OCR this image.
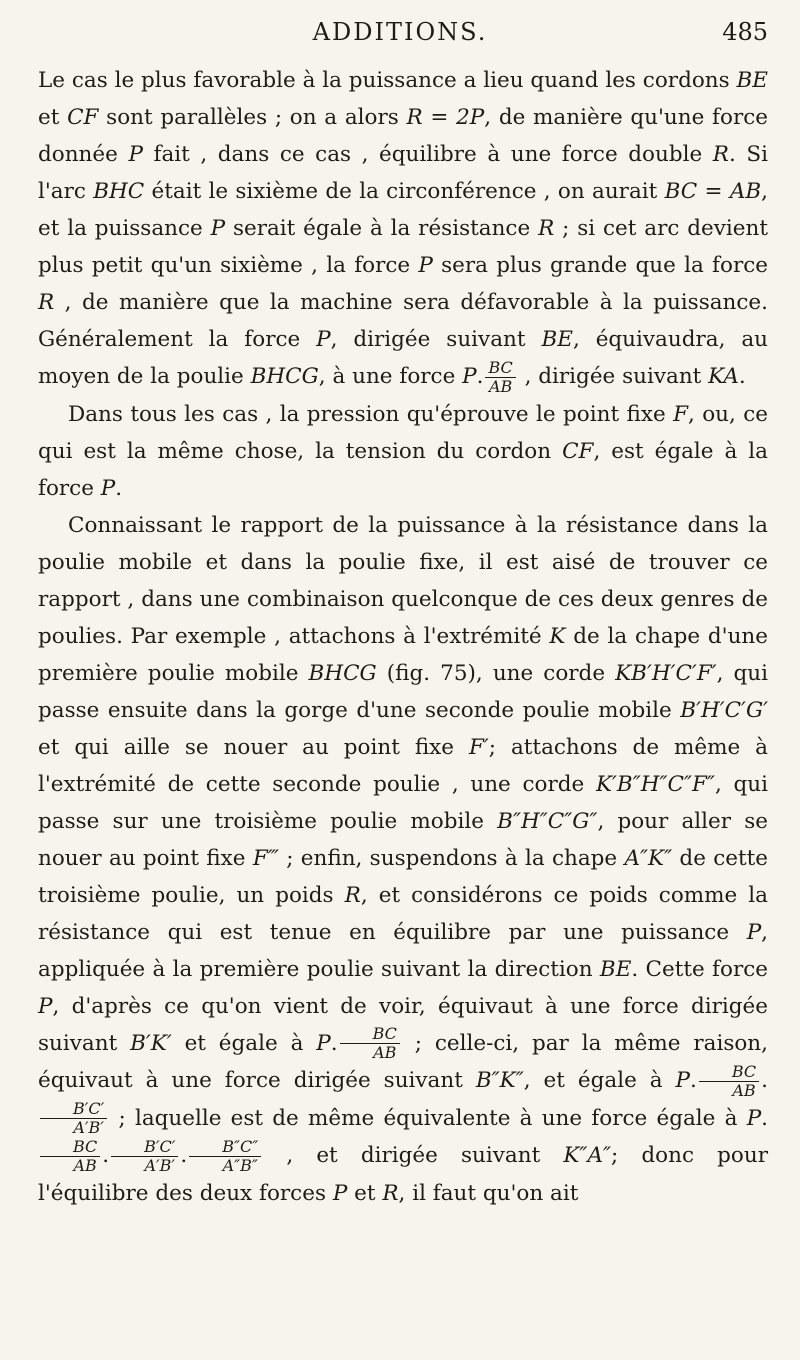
ADDITIONS.	485

Le cas le plus favorable à la puissance a lieu quand les cordons BE et CF sont parallèles ; on a alors R = 2P, de manière qu'une force donnée P fait , dans ce cas , équilibre à une force double R. Si l'arc BHC était le sixième de la circonférence , on aurait BC = AB, et la puissance P serait égale à la résistance R ; si cet arc devient plus petit qu'un sixième , la force P sera plus grande que la force R , de manière que la machine sera défavorable à la puissance. Généralement la force P, dirigée suivant BE, équivaudra, au moyen de la poulie BHCG, à une force P. $\frac{BC}{AB}$ , dirigée suivant KA.

Dans tous les cas , la pression qu'éprouve le point fixe F, ou, ce qui est la même chose, la tension du cordon CF, est égale à la force P.

Connaissant le rapport de la puissance à la résistance dans la poulie mobile et dans la poulie fixe, il est aisé de trouver ce rapport , dans une combinaison quelconque de ces deux genres de poulies. Par exemple , attachons à l'extrémité K de la chape d'une première poulie mobile BHCG (fig. 75), une corde KB′H′C′F′, qui passe ensuite dans la gorge d'une seconde poulie mobile B′H′C′G′ et qui aille se nouer au point fixe F′; attachons de même à l'extrémité de cette seconde poulie , une corde K′B″H″C″F″, qui passe sur une troisième poulie mobile B″H″C″G″, pour aller se nouer au point fixe F‴ ; enfin, suspendons à la chape A″K″ de cette troisième poulie, un poids R, et considérons ce poids comme la résistance qui est tenue en équilibre par une puissance P, appliquée à la première poulie suivant la direction BE. Cette force P, d'après ce qu'on vient de voir, équivaut à une force dirigée suivant B′K′ et égale à P. $\frac{BC}{AB}$ ; celle-ci, par la même raison, équivaut à une force dirigée suivant B″K″, et égale à P. $\frac{BC}{AB}$ .
$\frac{B'C'}{A'B'}$ ; laquelle est de même équivalente à une force égale à P.
$\frac{BC}{AB}$ . $\frac{B'C'}{A'B'}$ . $\frac{B''C''}{A''B''}$ , et dirigée suivant K″A″; donc pour l'équilibre des deux forces P et R, il faut qu'on ait
